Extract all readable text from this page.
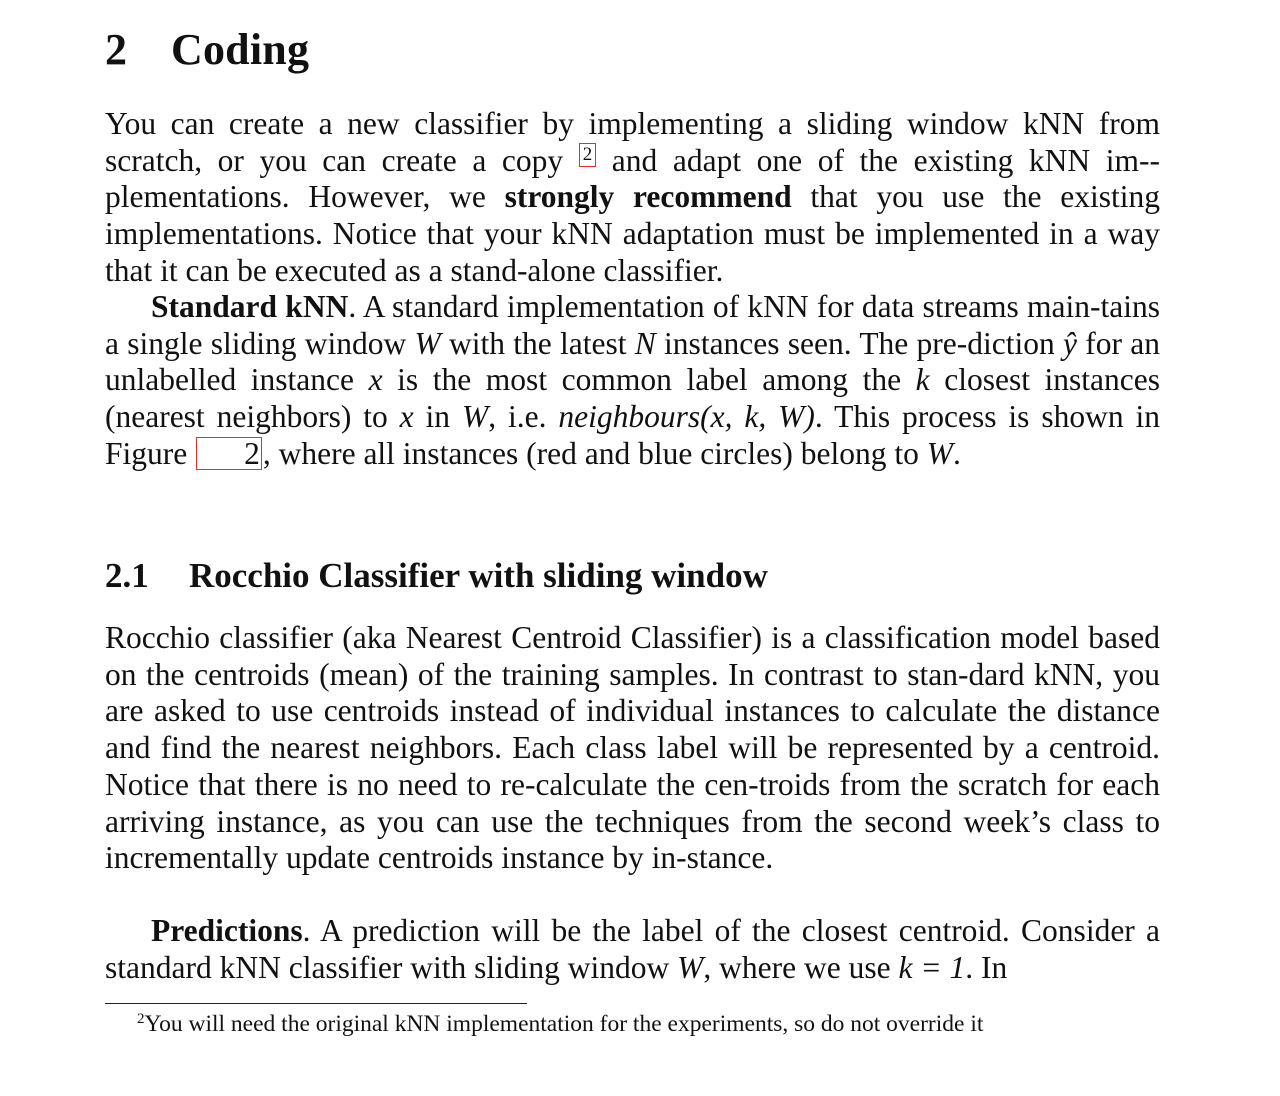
2 Coding

You can create a new classifier by implementing a sliding window kNN from scratch, or you can create a copy 2 and adapt one of the existing kNN im-plementations. However, we strongly recommend that you use the existing implementations. Notice that your kNN adaptation must be implemented in a way that it can be executed as a stand-alone classifier.

Standard kNN. A standard implementation of kNN for data streams main-tains a single sliding window W with the latest N instances seen. The pre-diction ŷ for an unlabelled instance x is the most common label among the k closest instances (nearest neighbors) to x in W, i.e. neighbours(x, k, W). This process is shown in Figure 2, where all instances (red and blue circles) belong to W.

2.1 Rocchio Classifier with sliding window

Rocchio classifier (aka Nearest Centroid Classifier) is a classification model based on the centroids (mean) of the training samples. In contrast to stan-dard kNN, you are asked to use centroids instead of individual instances to calculate the distance and find the nearest neighbors. Each class label will be represented by a centroid. Notice that there is no need to re-calculate the cen-troids from the scratch for each arriving instance, as you can use the techniques from the second week’s class to incrementally update centroids instance by in-stance.

Predictions. A prediction will be the label of the closest centroid. Consider a standard kNN classifier with sliding window W, where we use k = 1. In

$^2$You will need the original kNN implementation for the experiments, so do not override it
